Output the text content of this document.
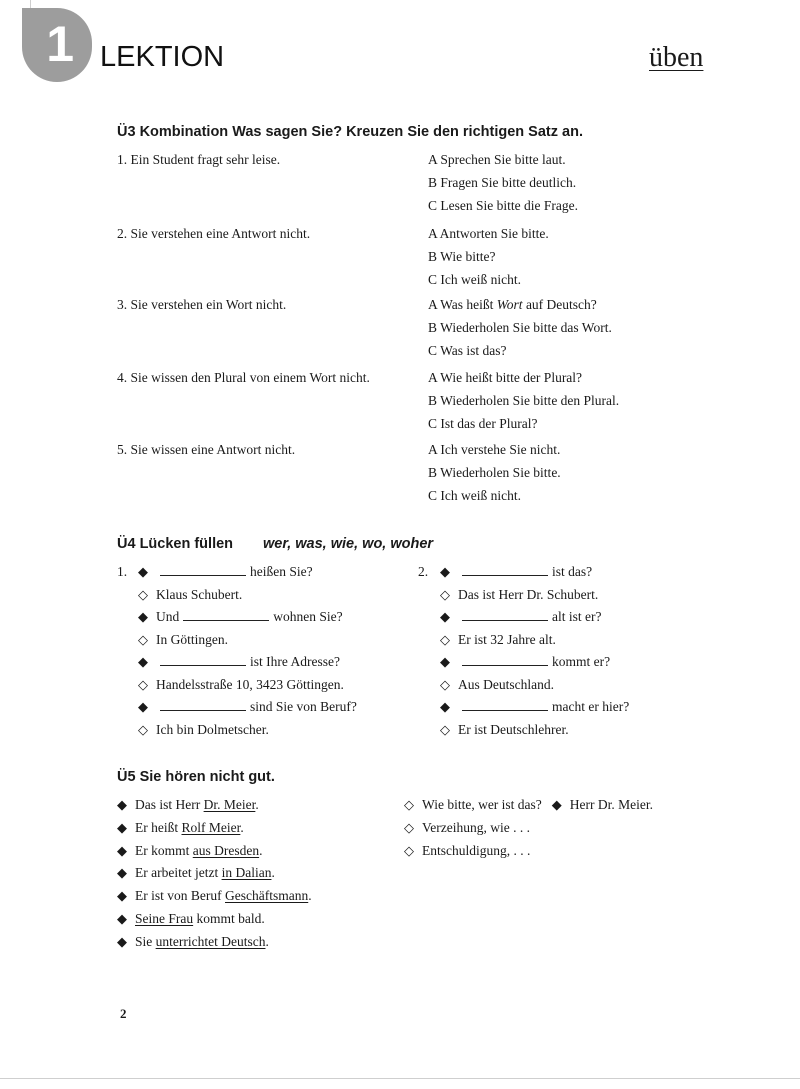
1 LEKTION	üben
Ü3 Kombination Was sagen Sie? Kreuzen Sie den richtigen Satz an.
1. Ein Student fragt sehr leise.	A Sprechen Sie bitte laut.
B Fragen Sie bitte deutlich.
C Lesen Sie bitte die Frage.
2. Sie verstehen eine Antwort nicht.	A Antworten Sie bitte.
B Wie bitte?
C Ich weiß nicht.
3. Sie verstehen ein Wort nicht.	A Was heißt Wort auf Deutsch?
B Wiederholen Sie bitte das Wort.
C Was ist das?
4. Sie wissen den Plural von einem Wort nicht.	A Wie heißt bitte der Plural?
B Wiederholen Sie bitte den Plural.
C Ist das der Plural?
5. Sie wissen eine Antwort nicht.	A Ich verstehe Sie nicht.
B Wiederholen Sie bitte.
C Ich weiß nicht.
Ü4 Lücken füllen wer, was, wie, wo, woher
1. ◆	heißen Sie?
◇ Klaus Schubert.
◆ Und	wohnen Sie?
◇ In Göttingen.
◆	ist Ihre Adresse?
◇ Handelsstraße 10, 3423 Göttingen.
◆	sind Sie von Beruf?
◇ Ich bin Dolmetscher.
2. ◆	ist das?
◇ Das ist Herr Dr. Schubert.
◆	alt ist er?
◇ Er ist 32 Jahre alt.
◆	kommt er?
◇ Aus Deutschland.
◆	macht er hier?
◇ Er ist Deutschlehrer.
Ü5 Sie hören nicht gut.
◆ Das ist Herr Dr. Meier.
◆ Er heißt Rolf Meier.
◆ Er kommt aus Dresden.
◆ Er arbeitet jetzt in Dalian.
◆ Er ist von Beruf Geschäftsmann.
◆ Seine Frau kommt bald.
◆ Sie unterrichtet Deutsch.
◇ Wie bitte, wer ist das? ◆ Herr Dr. Meier.
◇ Verzeihung, wie . . .
◇ Entschuldigung, . . .
2
